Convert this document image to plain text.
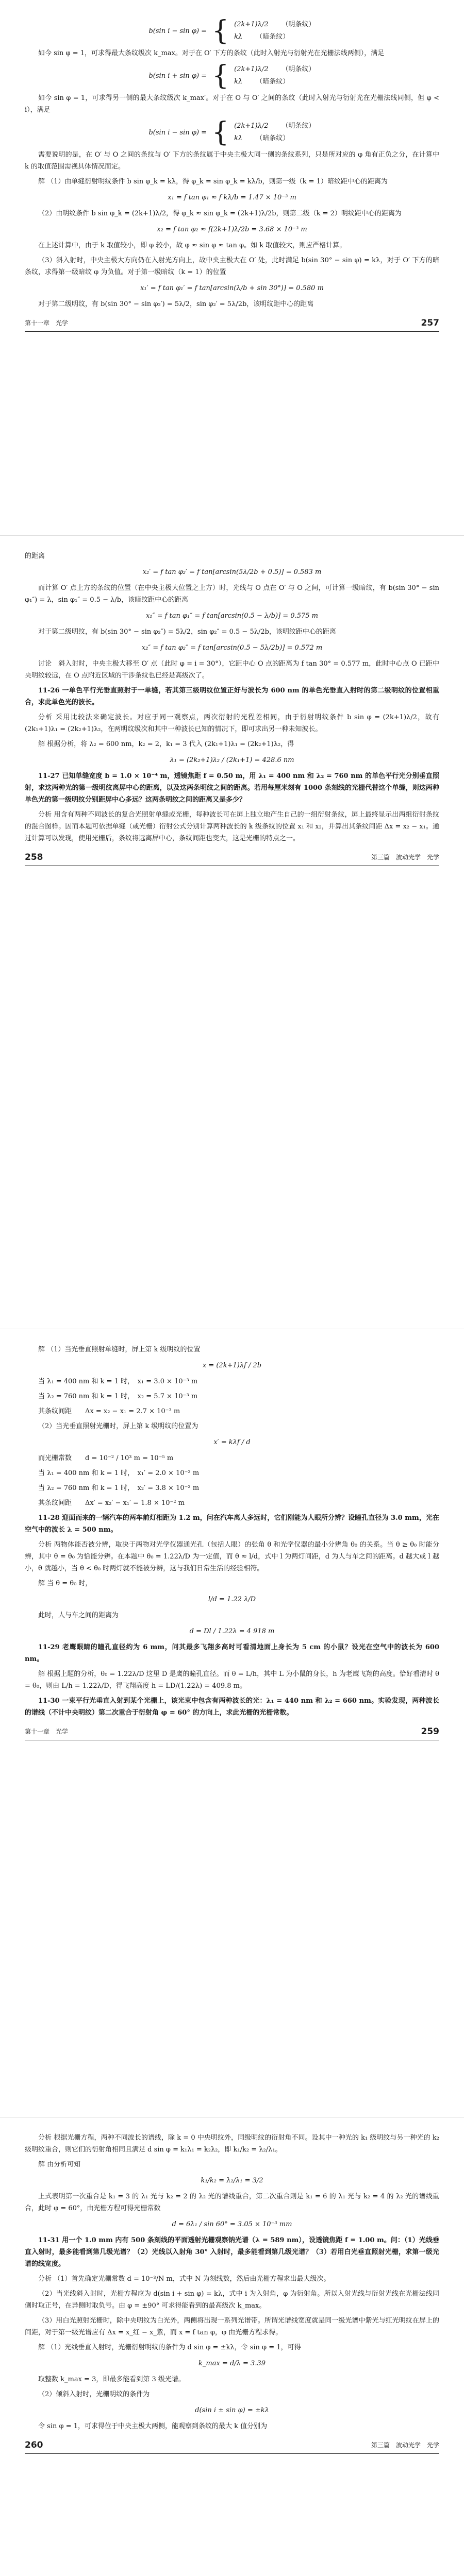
b(sin i − sin φ) = { (2k+1)λ/2 （明条纹）
kλ （暗条纹）

如今 sin φ = 1，可求得最大条纹级次 k_max。对于在 O′ 下方的条纹（此时入射光与衍射光在光栅法线两侧），满足

b(sin i + sin φ) = { (2k+1)λ/2 （明条纹）
kλ （暗条纹）

如今 sin φ = 1，可求得另一侧的最大条纹级次 k_max′。对于在 O 与 O′ 之间的条纹（此时入射光与衍射光在光栅法线同侧，但 φ < i），满足

b(sin i − sin φ) = { (2k+1)λ/2 （明条纹）
kλ （暗条纹）

需要说明的是，在 O′ 与 O 之间的条纹与 O′ 下方的条纹属于中央主极大同一侧的条纹系列，只是所对应的 φ 角有正负之分，在计算中 k 的取值范围需视具体情况而定。

解 （1）由单缝衍射明纹条件 b sin φ_k = kλ，得 φ_k = sin φ_k = kλ/b，则第一级（k = 1）暗纹距中心的距离为

x₁ = f tan φ₁ ≈ f kλ/b = 1.47 × 10⁻³ m

（2）由明纹条件 b sin φ_k = (2k+1)λ/2，得 φ_k ≈ sin φ_k = (2k+1)λ/2b，则第二级（k = 2）明纹距中心的距离为

x₂ = f tan φ₂ ≈ f(2k+1)λ/2b = 3.68 × 10⁻³ m

在上述计算中，由于 k 取值较小，即 φ 较小，故 φ ≈ sin φ ≈ tan φ。如 k 取值较大，则应严格计算。

（3）斜入射时，中央主极大方向仍在入射光方向上，故中央主极大在 O′ 处，此时满足 b(sin 30° − sin φ) = kλ，对于 O′ 下方的暗条纹，求得第一级暗纹 φ 为负值。对于第一级暗纹（k = 1）的位置

x₁′ = f tan φ₁′ = f tan[arcsin(λ/b + sin 30°)] = 0.580 m

对于第二级明纹，有 b(sin 30° − sin φ₂′) = 5λ/2，sin φ₂′ = 5λ/2b，该明纹距中心的距离

第十一章　光学	257

的距离

x₂′ = f tan φ₂′ = f tan[arcsin(5λ/2b + 0.5)] = 0.583 m

而计算 O′ 点上方的条纹的位置（在中央主极大位置之上方）时，光线与 O 点在 O′ 与 O 之间，可计算一级暗纹，有 b(sin 30° − sin φ₁″) = λ，sin φ₁″ = 0.5 − λ/b，该暗纹距中心的距离

x₁″ = f tan φ₁″ = f tan[arcsin(0.5 − λ/b)] = 0.575 m

对于第二级明纹，有 b(sin 30° − sin φ₂″) = 5λ/2，sin φ₂″ = 0.5 − 5λ/2b，该明纹距中心的距离

x₂″ = f tan φ₂″ = f tan[arcsin(0.5 − 5λ/2b)] = 0.572 m

讨论　斜入射时，中央主极大移至 O′ 点（此时 φ = i = 30°），它距中心 O 点的距离为 f tan 30° = 0.577 m，此时中心点 O 已距中央明纹较远，在 O 点附近区域的干涉条纹也已经是高级次了。

11-26 一单色平行光垂直照射于一单缝，若其第三级明纹位置正好与波长为 600 nm 的单色光垂直入射时的第二级明纹的位置相重合，求此单色光的波长。

分析 采用比较法来确定波长。对应于同一观察点，两次衍射的光程差相同，由于衍射明纹条件 b sin φ = (2k+1)λ/2，故有 (2k₁+1)λ₁ = (2k₂+1)λ₂，在两明纹级次和其中一种波长已知的情况下，即可求出另一种未知波长。

解 根据分析，将 λ₂ = 600 nm，k₂ = 2，k₁ = 3 代入 (2k₁+1)λ₁ = (2k₂+1)λ₂，得

λ₁ = (2k₂+1)λ₂ / (2k₁+1) = 428.6 nm

11-27 已知单缝宽度 b = 1.0 × 10⁻⁴ m，透镜焦距 f = 0.50 m，用 λ₁ = 400 nm 和 λ₂ = 760 nm 的单色平行光分别垂直照射，求这两种光的第一级明纹离屏中心的距离，以及这两条明纹之间的距离。若用每厘米刻有 1000 条刻线的光栅代替这个单缝，则这两种单色光的第一级明纹分别距屏中心多远？这两条明纹之间的距离又是多少？

分析 用含有两种不同波长的复合光照射单缝或光栅，每种波长可在屏上独立地产生自己的一组衍射条纹，屏上最终显示出两组衍射条纹的混合图样。因而本题可依据单缝（或光栅）衍射公式分别计算两种波长的 k 级条纹的位置 x₁ 和 x₂，并算出其条纹间距 Δx = x₂ − x₁。通过计算可以发现，使用光栅后，条纹将远离屏中心，条纹间距也变大，这是光栅的特点之一。

258	第三篇　波动光学　光学

解 （1）当光垂直照射单缝时，屏上第 k 级明纹的位置

x = (2k+1)λf / 2b

当 λ₁ = 400 nm 和 k = 1 时，　x₁ = 3.0 × 10⁻³ m

当 λ₂ = 760 nm 和 k = 1 时，　x₂ = 5.7 × 10⁻³ m

其条纹间距　　Δx = x₂ − x₁ = 2.7 × 10⁻³ m

（2）当光垂直照射光栅时，屏上第 k 级明纹的位置为

x′ = kλf / d

而光栅常数　　d = 10⁻² / 10³ m = 10⁻⁵ m

当 λ₁ = 400 nm 和 k = 1 时，　x₁′ = 2.0 × 10⁻² m

当 λ₂ = 760 nm 和 k = 1 时，　x₂′ = 3.8 × 10⁻² m

其条纹间距　　Δx′ = x₂′ − x₁′ = 1.8 × 10⁻² m

11-28 迎面而来的一辆汽车的两车前灯相距为 1.2 m，问在汽车离人多远时，它们刚能为人眼所分辨？设瞳孔直径为 3.0 mm，光在空气中的波长 λ = 500 nm。

分析 两物体能否被分辨，取决于两物对光学仪器通光孔（包括人眼）的张角 θ 和光学仪器的最小分辨角 θ₀ 的关系。当 θ ≥ θ₀ 时能分辨，其中 θ = θ₀ 为恰能分辨。在本题中 θ₀ = 1.22λ/D 为一定值，而 θ ≈ l/d，式中 l 为两灯间距，d 为人与车之间的距离。d 越大或 l 越小，θ 就越小，当 θ < θ₀ 时两灯就不能被分辨，这与我们日常生活的经验相符。

解 当 θ = θ₀ 时，

l/d = 1.22 λ/D

此时，人与车之间的距离为

d = Dl / 1.22λ = 4 918 m

11-29 老鹰眼睛的瞳孔直径约为 6 mm，问其最多飞翔多高时可看清地面上身长为 5 cm 的小鼠？设光在空气中的波长为 600 nm。

解 根据上题的分析，θ₀ = 1.22λ/D 这里 D 是鹰的瞳孔直径。而 θ = L/h，其中 L 为小鼠的身长，h 为老鹰飞翔的高度。恰好看清时 θ = θ₀，则由 L/h = 1.22λ/D，得飞翔高度 h = LD/(1.22λ) = 409.8 m。

11-30 一束平行光垂直入射到某个光栅上，该光束中包含有两种波长的光：λ₁ = 440 nm 和 λ₂ = 660 nm。实验发现，两种波长的谱线（不计中央明纹）第二次重合于衍射角 φ = 60° 的方向上，求此光栅的光栅常数。

第十一章　光学	259

分析 根据光栅方程，两种不同波长的谱线，除 k = 0 中央明纹外，同级明纹的衍射角不同。设其中一种光的 k₁ 级明纹与另一种光的 k₂ 级明纹重合，则它们的衍射角相同且满足 d sin φ = k₁λ₁ = k₂λ₂，即 k₁/k₂ = λ₂/λ₁。

解 由分析可知

k₁/k₂ = λ₂/λ₁ = 3/2

上式表明第一次重合是 k₁ = 3 的 λ₁ 光与 k₂ = 2 的 λ₂ 光的谱线重合，第二次重合则是 k₁ = 6 的 λ₁ 光与 k₂ = 4 的 λ₂ 光的谱线重合，此时 φ = 60°，由光栅方程可得光栅常数

d = 6λ₁ / sin 60° = 3.05 × 10⁻³ mm

11-31 用一个 1.0 mm 内有 500 条刻线的平面透射光栅观察钠光谱（λ = 589 nm），设透镜焦距 f = 1.00 m。问：（1）光线垂直入射时，最多能看到第几级光谱？（2）光线以入射角 30° 入射时，最多能看到第几级光谱？（3）若用白光垂直照射光栅，求第一级光谱的线宽度。

分析 （1）首先确定光栅常数 d = 10⁻³/N m，式中 N 为刻线数，然后由光栅方程求出最大级次。

（2）当光线斜入射时，光栅方程应为 d(sin i + sin φ) = kλ，式中 i 为入射角，φ 为衍射角。所以入射光线与衍射光线在光栅法线同侧时取正号，在异侧时取负号。由 φ = ±90° 可求得能看到的最高级次 k_max。

（3）用白光照射光栅时，除中央明纹为白光外，两侧将出现一系列光谱带。所谓光谱线宽度就是同一级光谱中紫光与红光明纹在屏上的间距，对于第一级光谱应有 Δx = x_红 − x_紫，而 x = f tan φ，φ 由光栅方程求得。

解 （1）光线垂直入射时，光栅衍射明纹的条件为 d sin φ = ±kλ，令 sin φ = 1，可得

k_max = d/λ = 3.39

取整数 k_max = 3，即最多能看到第 3 级光谱。

（2）倾斜入射时，光栅明纹的条件为

d(sin i ± sin φ) = ±kλ

令 sin φ = 1，可求得位于中央主极大两侧，能观察到条纹的最大 k 值分别为

260	第三篇　波动光学　光学
